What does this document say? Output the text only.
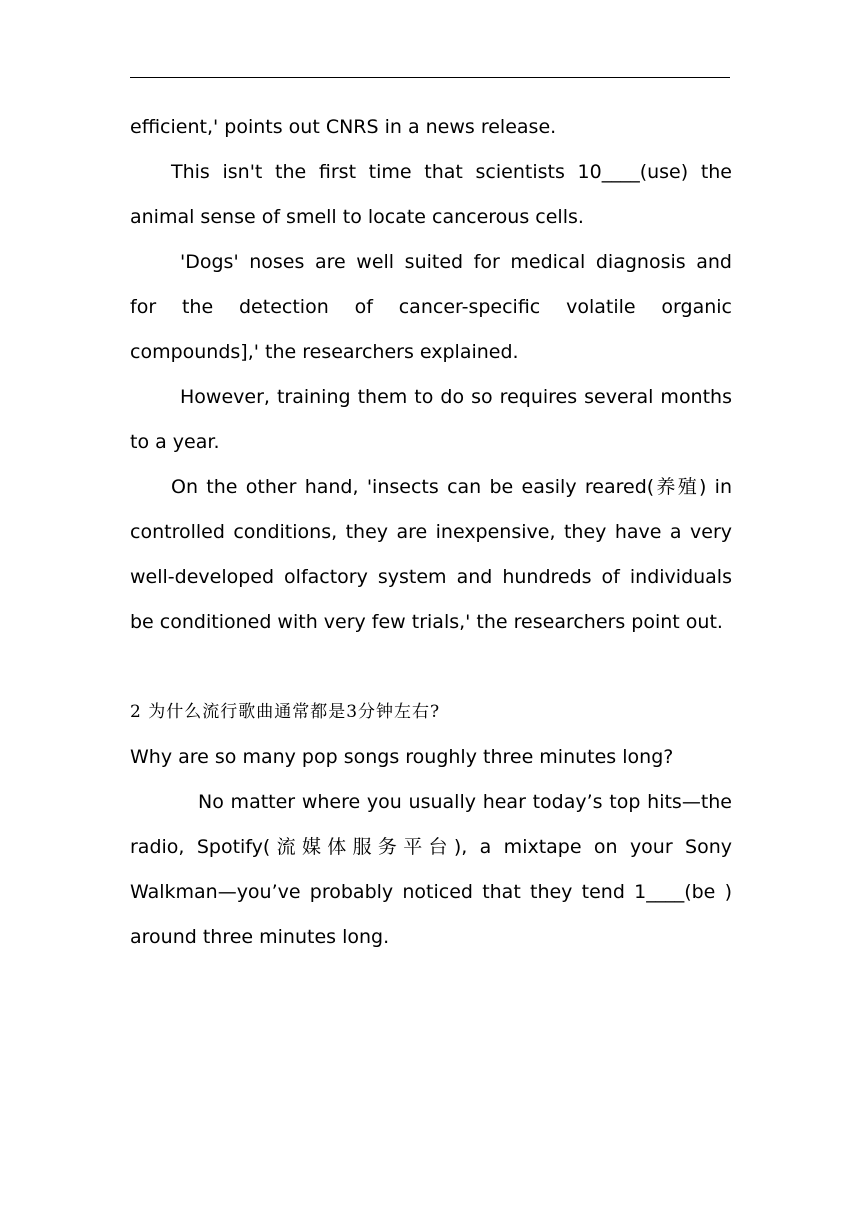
efficient,' points out CNRS in a news release.
This isn't the first time that scientists 10____(use) the
animal sense of smell to locate cancerous cells.
'Dogs' noses are well suited for medical diagnosis and
for the detection of cancer-specific volatile organic
compounds],' the researchers explained.
However, training them to do so requires several months
to a year.
On the other hand, 'insects can be easily reared(养殖) in
controlled conditions, they are inexpensive, they have a very
well-developed olfactory system and hundreds of individuals
be conditioned with very few trials,' the researchers point out.
2 为什么流行歌曲通常都是3分钟左右?
Why are so many pop songs roughly three minutes long?
No matter where you usually hear today’s top hits—the
radio, Spotify(流媒体服务平台), a mixtape on your Sony
Walkman—you’ve probably noticed that they tend 1____(be )
around three minutes long.
